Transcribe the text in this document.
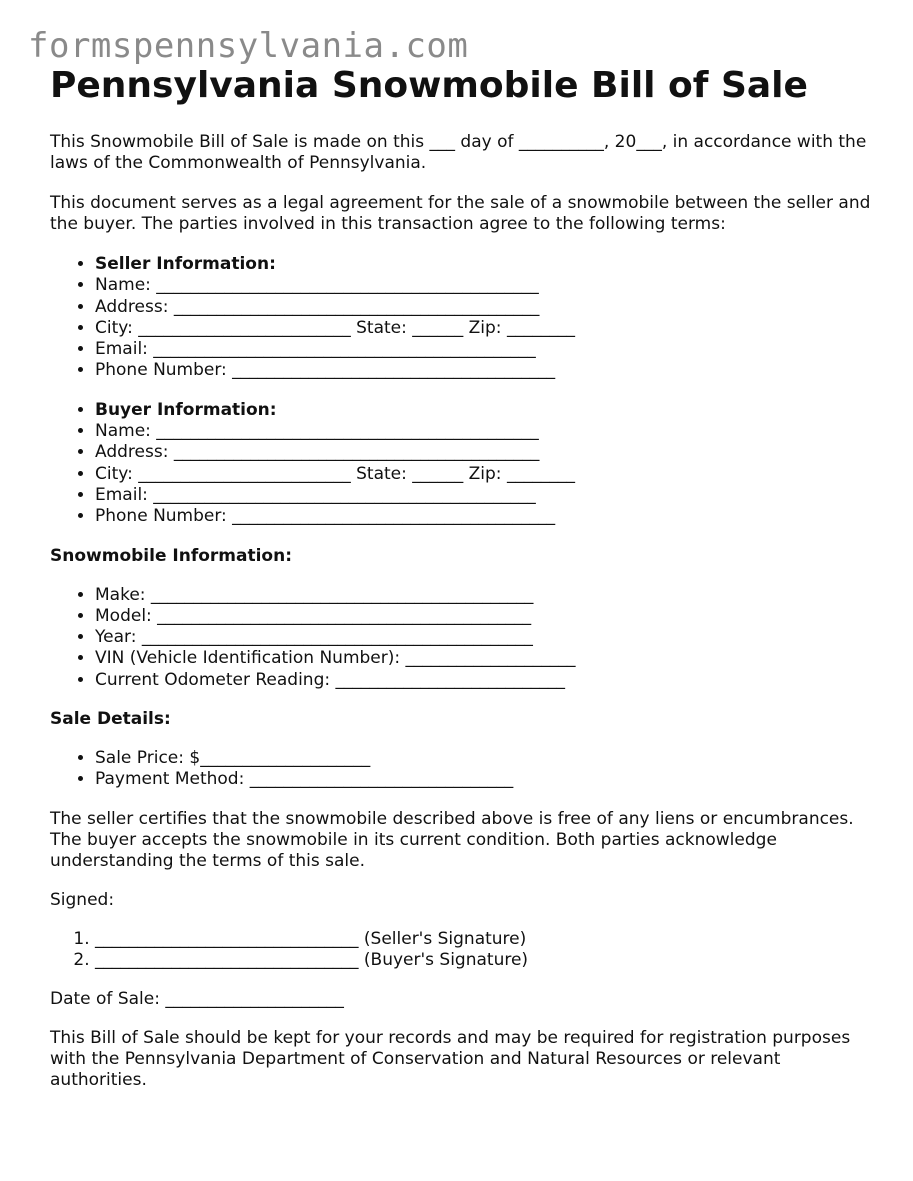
formspennsylvania.com
Pennsylvania Snowmobile Bill of Sale

This Snowmobile Bill of Sale is made on this ___ day of __________, 20___, in accordance with the laws of the Commonwealth of Pennsylvania.

This document serves as a legal agreement for the sale of a snowmobile between the seller and the buyer. The parties involved in this transaction agree to the following terms:

• Seller Information:
• Name: _____________________________________________
• Address: ___________________________________________
• City: _________________________ State: ______ Zip: ________
• Email: _____________________________________________
• Phone Number: ______________________________________
• Buyer Information:
• Name: _____________________________________________
• Address: ___________________________________________
• City: _________________________ State: ______ Zip: ________
• Email: _____________________________________________
• Phone Number: ______________________________________
Snowmobile Information:
• Make: _____________________________________________
• Model: ____________________________________________
• Year: ______________________________________________
• VIN (Vehicle Identification Number): ____________________
• Current Odometer Reading: ___________________________
Sale Details:
• Sale Price: $____________________
• Payment Method: _______________________________

The seller certifies that the snowmobile described above is free of any liens or encumbrances. The buyer accepts the snowmobile in its current condition. Both parties acknowledge understanding the terms of this sale.

Signed:

1. _______________________________ (Seller's Signature)
2. _______________________________ (Buyer's Signature)

Date of Sale: _____________________

This Bill of Sale should be kept for your records and may be required for registration purposes with the Pennsylvania Department of Conservation and Natural Resources or relevant authorities.
